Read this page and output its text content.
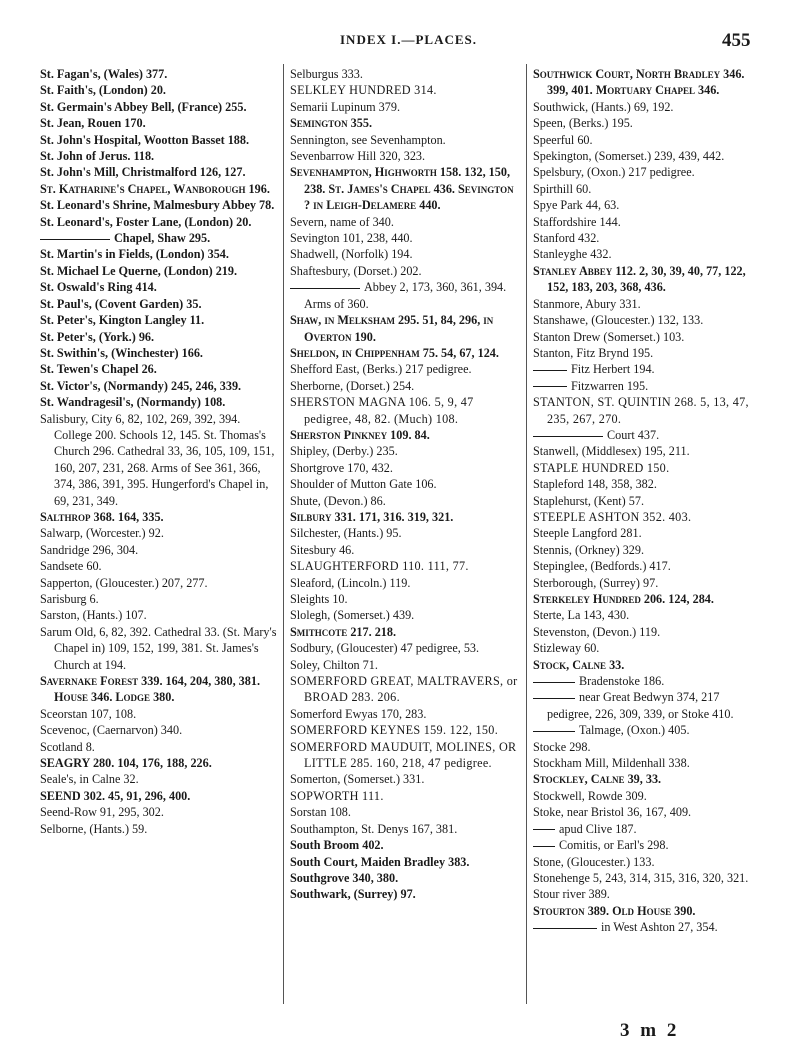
INDEX I.—PLACES.	455
St. Fagan's, (Wales) 377.
St. Faith's, (London) 20.
St. Germain's Abbey Bell, (France) 255.
St. Jean, Rouen 170.
St. John's Hospital, Wootton Basset 188.
St. John of Jerus. 118.
St. John's Mill, Christmalford 126, 127.
St. Katharine's Chapel, Wanborough 196.
St. Leonard's Shrine, Malmesbury Abbey 78.
St. Leonard's, Foster Lane, (London) 20.
Chapel, Shaw 295.
St. Martin's in Fields, (London) 354.
St. Michael Le Querne, (London) 219.
St. Oswald's Ring 414.
St. Paul's, (Covent Garden) 35.
St. Peter's, Kington Langley 11.
St. Peter's, (York.) 96.
St. Swithin's, (Winchester) 166.
St. Tewen's Chapel 26.
St. Victor's, (Normandy) 245, 246, 339.
St. Wandragesil's, (Normandy) 108.
Salisbury, City 6, 82, 102, 269, 392, 394. College 200. Schools 12, 145. St. Thomas's Church 296. Cathedral 33, 36, 105, 109, 151, 160, 207, 231, 268. Arms of See 361, 366, 374, 386, 391, 395. Hungerford's Chapel in, 69, 231, 349.
Salthrop 368. 164, 335.
Salwarp, (Worcester.) 92.
Sandridge 296, 304.
Sandsete 60.
Sapperton, (Gloucester.) 207, 277.
Sarisburg 6.
Sarston, (Hants.) 107.
Sarum Old, 6, 82, 392. Cathedral 33. (St. Mary's Chapel in) 109, 152, 199, 381. St. James's Church at 194.
Savernake Forest 339. 164, 204, 380, 381. House 346. Lodge 380.
Sceorstan 107, 108.
Scevenoc, (Caernarvon) 340.
Scotland 8.
SEAGRY 280. 104, 176, 188, 226.
Seale's, in Calne 32.
SEEND 302. 45, 91, 296, 400.
Seend-Row 91, 295, 302.
Selborne, (Hants.) 59.
Selburgus 333.
SELKLEY HUNDRED 314.
Semarii Lupinum 379.
Semington 355.
Sennington, see Sevenhampton.
Sevenbarrow Hill 320, 323.
Sevenhampton, Highworth 158. 132, 150, 238. St. James's Chapel 436. Sevington ? in Leigh-Delamere 440.
Severn, name of 340.
Sevington 101, 238, 440.
Shadwell, (Norfolk) 194.
Shaftesbury, (Dorset.) 202.
Abbey 2, 173, 360, 361, 394. Arms of 360.
Shaw, in Melksham 295. 51, 84, 296, in Overton 190.
Sheldon, in Chippenham 75. 54, 67, 124.
Shefford East, (Berks.) 217 pedigree.
Sherborne, (Dorset.) 254.
SHERSTON MAGNA 106. 5, 9, 47 pedigree, 48, 82. (Much) 108.
Sherston Pinkney 109. 84.
Shipley, (Derby.) 235.
Shortgrove 170, 432.
Shoulder of Mutton Gate 106.
Shute, (Devon.) 86.
Silbury 331. 171, 316. 319, 321.
Silchester, (Hants.) 95.
Sitesbury 46.
SLAUGHTERFORD 110. 111, 77.
Sleaford, (Lincoln.) 119.
Sleights 10.
Slolegh, (Somerset.) 439.
Smithcote 217. 218.
Sodbury, (Gloucester) 47 pedigree, 53.
Soley, Chilton 71.
SOMERFORD GREAT, MALTRAVERS, or BROAD 283. 206.
Somerford Ewyas 170, 283.
SOMERFORD KEYNES 159. 122, 150.
SOMERFORD MAUDUIT, MOLINES, OR LITTLE 285. 160, 218, 47 pedigree.
Somerton, (Somerset.) 331.
SOPWORTH 111.
Sorstan 108.
Southampton, St. Denys 167, 381.
South Broom 402.
South Court, Maiden Bradley 383.
Southgrove 340, 380.
Southwark, (Surrey) 97.
Southwick Court, North Bradley 346. 399, 401. Mortuary Chapel 346.
Southwick, (Hants.) 69, 192.
Speen, (Berks.) 195.
Speerful 60.
Spekington, (Somerset.) 239, 439, 442.
Spelsbury, (Oxon.) 217 pedigree.
Spirthill 60.
Spye Park 44, 63.
Staffordshire 144.
Stanford 432.
Stanleyghe 432.
Stanley Abbey 112. 2, 30, 39, 40, 77, 122, 152, 183, 203, 368, 436.
Stanmore, Abury 331.
Stanshawe, (Gloucester.) 132, 133.
Stanton Drew (Somerset.) 103.
Stanton, Fitz Brynd 195.
Fitz Herbert 194.
Fitzwarren 195.
STANTON, ST. QUINTIN 268. 5, 13, 47, 235, 267, 270.
Court 437.
Stanwell, (Middlesex) 195, 211.
STAPLE HUNDRED 150.
Stapleford 148, 358, 382.
Staplehurst, (Kent) 57.
STEEPLE ASHTON 352. 403.
Steeple Langford 281.
Stennis, (Orkney) 329.
Stepinglee, (Bedfords.) 417.
Sterborough, (Surrey) 97.
Sterkeley Hundred 206. 124, 284.
Sterte, La 143, 430.
Stevenston, (Devon.) 119.
Stizleway 60.
Stock, Calne 33.
Bradenstoke 186.
near Great Bedwyn 374, 217 pedigree, 226, 309, 339, or Stoke 410.
Talmage, (Oxon.) 405.
Stocke 298.
Stockham Mill, Mildenhall 338.
Stockley, Calne 39, 33.
Stockwell, Rowde 309.
Stoke, near Bristol 36, 167, 409.
apud Clive 187.
Comitis, or Earl's 298.
Stone, (Gloucester.) 133.
Stonehenge 5, 243, 314, 315, 316, 320, 321.
Stour river 389.
Stourton 389. Old House 390.
in West Ashton 27, 354.
3 m 2
